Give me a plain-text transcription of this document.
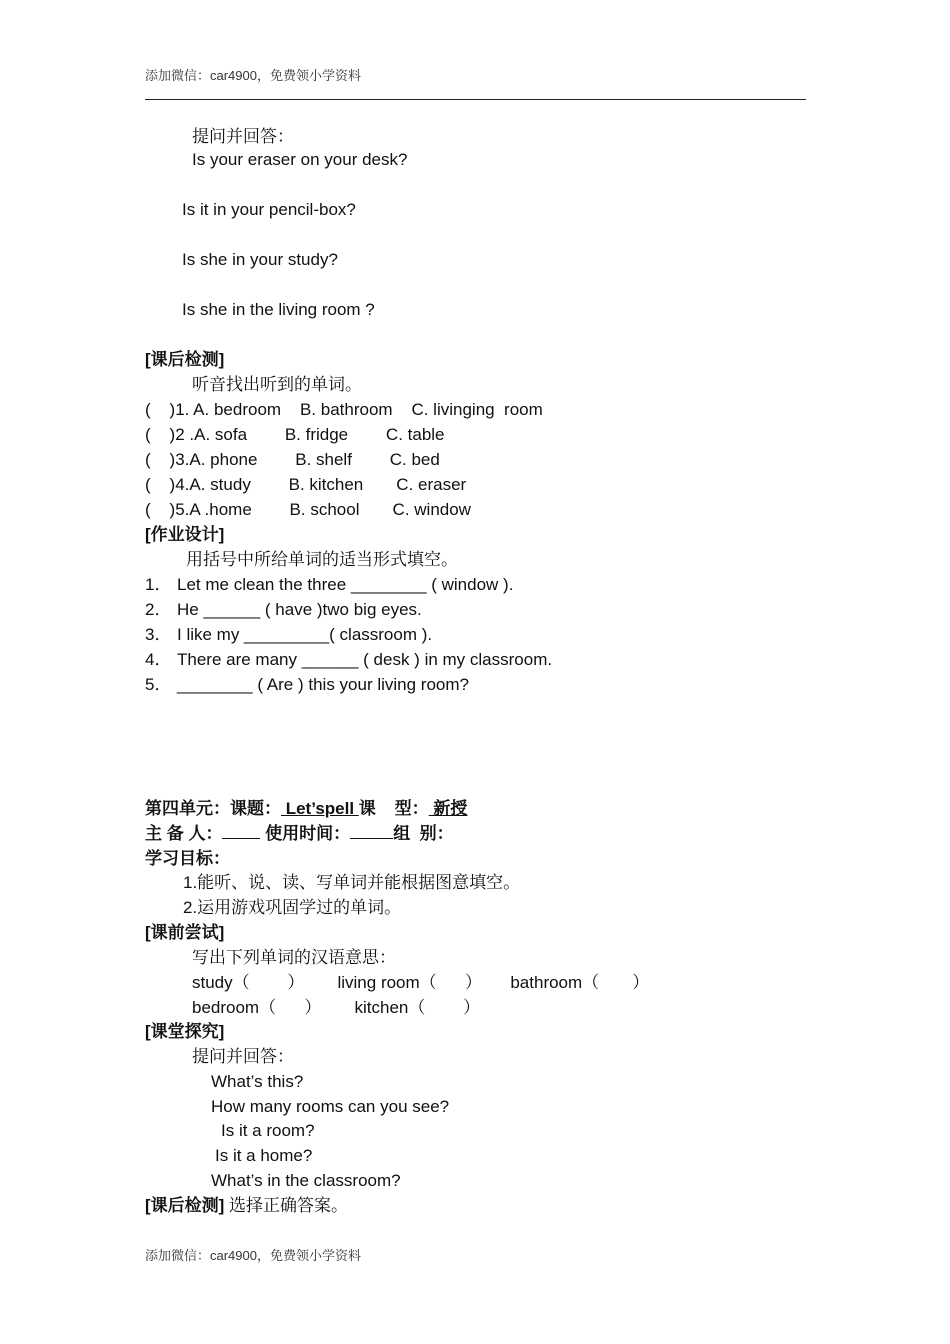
添加微信：car4900，免费领小学资料
提问并回答：
Is your eraser on your desk?
Is it in your pencil-box?
Is she in your study?
Is she in the living room ?
[课后检测]
听音找出听到的单词。
(    )1. A. bedroom    B. bathroom    C. livinging  room
(    )2 .A. sofa        B. fridge        C. table
(    )3.A. phone        B. shelf        C. bed
(    )4.A. study        B. kitchen       C. eraser
(    )5.A .home        B. school       C. window
[作业设计]
用括号中所给单词的适当形式填空。
1． Let me clean the three ________ ( window ).
2． He ______ ( have )two big eyes.
3． I like my _________( classroom ).
4． There are many ______ ( desk ) in my classroom.
5． ________ ( Are ) this your living room?
第四单元：课题： Let’spell 课    型： 新授
主 备 人： 使用时间：	组  别：
学习目标：
1.能听、说、读、写单词并能根据图意填空。
2.运用游戏巩固学过的单词。
[课前尝试]
写出下列单词的汉语意思：
study（        ）       living room（      ）      bathroom（       ）
bedroom（      ）       kitchen（        ）
[课堂探究]
提问并回答：
What’s this?
How many rooms can you see?
Is it a room?
Is it a home?
What’s in the classroom?
[课后检测] 选择正确答案。
添加微信：car4900，免费领小学资料
